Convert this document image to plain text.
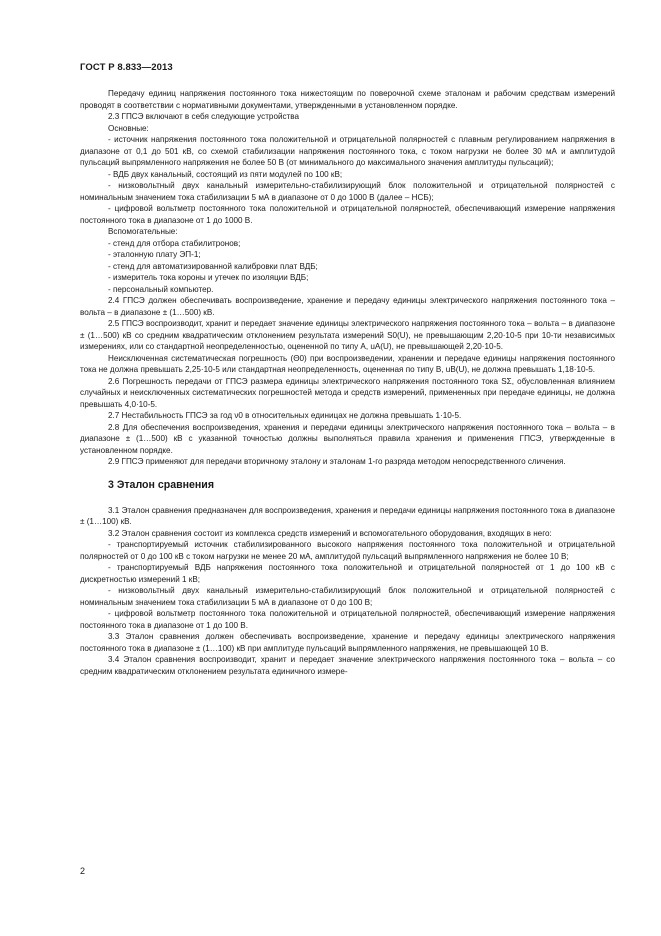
ГОСТ Р 8.833—2013

Передачу единиц напряжения постоянного тока нижестоящим по поверочной схеме эталонам и рабочим средствам измерений проводят в соответствии с нормативными документами, утвержденными в установленном порядке.

2.3 ГПСЭ включают в себя следующие устройства

Основные:

- источник напряжения постоянного тока положительной и отрицательной полярностей с плавным регулированием напряжения в диапазоне от 0,1 до 501 кВ, со схемой стабилизации напряжения постоянного тока, с током нагрузки не более 30 мА и амплитудой пульсаций выпрямленного напряжения не более 50 В (от минимального до максимального значения амплитуды пульсаций);

- ВДБ двух канальный, состоящий из пяти модулей по 100 кВ;

- низковольтный двух канальный измерительно-стабилизирующий блок положительной и отрицательной полярностей с номинальным значением тока стабилизации 5 мА в диапазоне от 0 до 1000 В (далее – НСБ);

- цифровой вольтметр постоянного тока положительной и отрицательной полярностей, обеспечивающий измерение напряжения постоянного тока в диапазоне от 1 до 1000 В.

Вспомогательные:

- стенд для отбора стабилитронов;

- эталонную плату ЭП-1;

- стенд для автоматизированной калибровки плат ВДБ;

- измеритель тока короны и утечек по изоляции ВДБ;

- персональный компьютер.

2.4 ГПСЭ должен обеспечивать воспроизведение, хранение и передачу единицы электрического напряжения постоянного тока – вольта – в диапазоне ± (1…500) кВ.

2.5 ГПСЭ воспроизводит, хранит и передает значение единицы электрического напряжения постоянного тока – вольта – в диапазоне ± (1…500) кВ со средним квадратическим отклонением результата измерений S0(U), не превышающим 2,20·10-5 при 10-ти независимых измерениях, или со стандартной неопределенностью, оцененной по типу А, uA(U), не превышающей 2,20·10-5.

Неисключенная систематическая погрешность (Θ0) при воспроизведении, хранении и передаче единицы напряжения постоянного тока не должна превышать 2,25·10-5 или стандартная неопределенность, оцененная по типу В, uB(U), не должна превышать 1,18·10-5.

2.6 Погрешность передачи от ГПСЭ размера единицы электрического напряжения постоянного тока SΣ, обусловленная влиянием случайных и неисключенных систематических погрешностей метода и средств измерений, примененных при передаче единицы, не должна превышать 4,0·10-5.

2.7 Нестабильность ГПСЭ за год ν0 в относительных единицах не должна превышать 1·10-5.

2.8 Для обеспечения воспроизведения, хранения и передачи единицы электрического напряжения постоянного тока – вольта – в диапазоне ± (1…500) кВ с указанной точностью должны выполняться правила хранения и применения ГПСЭ, утвержденные в установленном порядке.

2.9 ГПСЭ применяют для передачи вторичному эталону и эталонам 1-го разряда методом непосредственного сличения.

3 Эталон сравнения

3.1 Эталон сравнения предназначен для воспроизведения, хранения и передачи единицы напряжения постоянного тока в диапазоне ± (1…100) кВ.

3.2 Эталон сравнения состоит из комплекса средств измерений и вспомогательного оборудования, входящих в него:

- транспортируемый источник стабилизированного высокого напряжения постоянного тока положительной и отрицательной полярностей от 0 до 100 кВ с током нагрузки не менее 20 мА, амплитудой пульсаций выпрямленного напряжения не более 10 В;

- транспортируемый ВДБ напряжения постоянного тока положительной и отрицательной полярностей от 1 до 100 кВ с дискретностью измерений 1 кВ;

- низковольтный двух канальный измерительно-стабилизирующий блок положительной и отрицательной полярностей с номинальным значением тока стабилизации 5 мА в диапазоне от 0 до 100 В;

- цифровой вольтметр постоянного тока положительной и отрицательной полярностей, обеспечивающий измерение напряжения постоянного тока в диапазоне от 1 до 100 В.

3.3 Эталон сравнения должен обеспечивать воспроизведение, хранение и передачу единицы электрического напряжения постоянного тока в диапазоне ± (1…100) кВ при амплитуде пульсаций выпрямленного напряжения, не превышающей 10 В.

3.4 Эталон сравнения воспроизводит, хранит и передает значение электрического напряжения постоянного тока – вольта – со средним квадратическим отклонением результата единичного измере-

2
